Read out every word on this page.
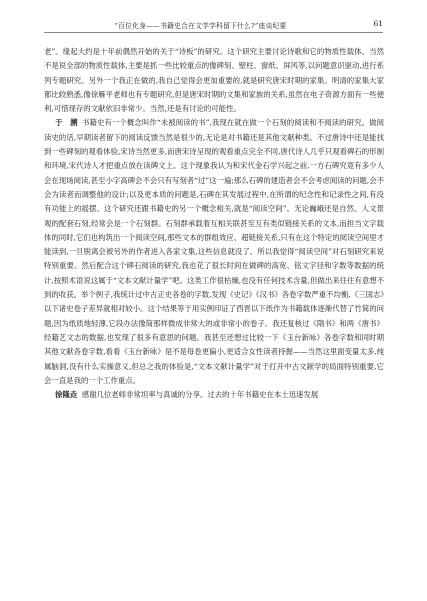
“百位化身——书籍史合在文学学科留下什么?”座谈纪要	61

老”。缘起大约是十年前偶然开始的关于“诗板”的研究。这个研究主要讨论诗歌和它的物质性载体。当然不是说全部的物质性载体,主要是抓一些比较重点的像碑刻、壁柱、窗纸、屏风等,以问题意识驱动,进行系列专题研究。另外一个我正在做的,我自己觉得会更加重要的,就是研究唐宋时期的家集。明清的家集大家都比较熟悉,像徐雁平老师也有专题研究,但是唐宋时期的文集和家族的关系,虽然在电子资源方面有一些便利,可惜现存的文献依旧非常少。当然,还是有讨论的可能性。

于　溯 书籍史有一个概念叫作“未被阅读的书”,我现在就在做一个石刻的阅读和不阅读的研究。做阅读史的话,早期读者留下的阅读反馈当然是很少的,无论是对书籍还是其他文献种类。不过唐诗中还是能找到一些碑刻的观看体验,宋诗当然更多,而唐宋诗呈现的观看重点完全不同,唐代诗人几乎只观看碑石的形制和环境,宋代诗人才把重点放在读碑文上。这个现象我认为和宋代金石学兴起之前,一方石碑究竟有多少人会在现场阅读,甚至小字高碑会不会只有写刻者“过”这一遍;那么石碑的建造者会不会考虑阅读的问题,会不会为读者而调整他的设计;以及更本质的问题是,石碑在其发展过程中,在所谓的纪念性和记录性之间,有没有功能上的摇摆。这个研究还跟书籍史的另一个概念相关,就是“阅读空间”。无论巍峨还是自然、人文景观的配套石刻,经常会是一个石刻群。石刻群承载着互相关联甚至互有类似链接关系的文本,而担当文字载体的同时,它们也构筑出一个阅读空间,那些文本的群组效应、超链接关系,只有在这个特定的阅读空间里才能读到,一旦脱离会被另外的作者进入各家文集,这些信息就没了。所以我觉得“阅读空间”对石刻研究来说特别重要。然后配合这个碑石阅读的研究,我也花了很长时间在做碑的高宽、铭文字径和字数等数据的统计,按照术语说这属于“文本文献计量学”吧。这类工作很枯燥,也没有任何技术含量,但做出来往往有意想不到的收获。举个例子,我统计过中古正史各卷的字数,发现《史记》《汉书》各卷字数严重不均衡,《三国志》以下诸史卷子差异就相对较小。这个结果等于用实例印证了西晋以下纸作为书籍载体逐渐代替了竹简的问题,因为纸质地轻薄,它段办法像简那样微成非常大的或非常小的卷子。我还复核过《隋书》和两《唐书》经籍艺文志的数据,也发现了很多有意思的问题。我甚至还想过比较一下《玉台新咏》各卷字数和同时期其他文献各卷字数,看看《玉台新咏》是不是每卷更偏小,更适合女性读者持握——当然这里面变量太多,纯属脑洞,没有什么实操意义,但总之我的体验是,“文本文献计量学”对于打开中古文献学的局面特别重要,它会一直是我的一个工作重点。

徐隆垚 感谢几位老师非常坦率与真诚的分享。过去的十年书籍史在本土迅速发展
